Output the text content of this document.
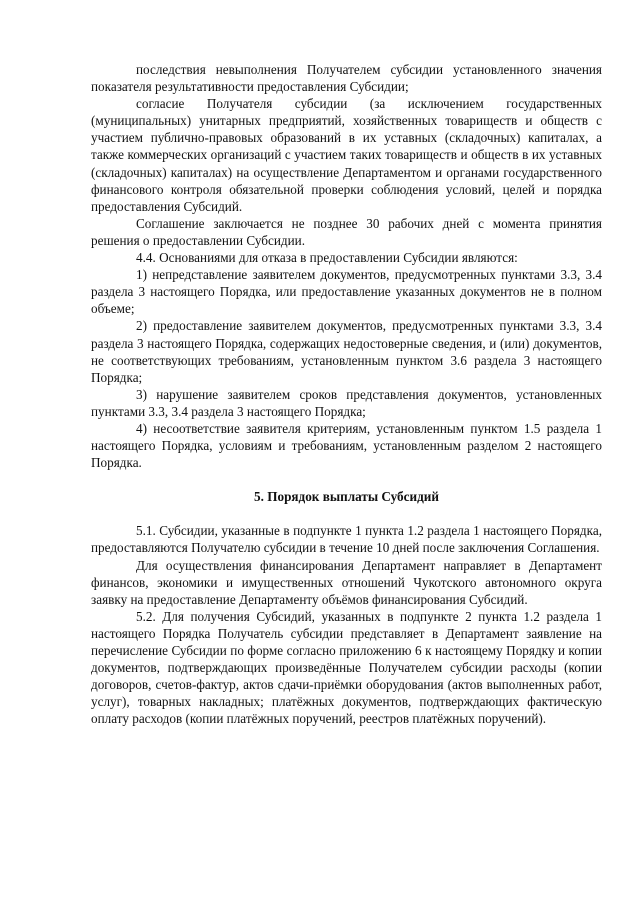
последствия невыполнения Получателем субсидии установленного значения показателя результативности предоставления Субсидии;

согласие Получателя субсидии (за исключением государственных (муниципальных) унитарных предприятий, хозяйственных товариществ и обществ с участием публично-правовых образований в их уставных (складочных) капиталах, а также коммерческих организаций с участием таких товариществ и обществ в их уставных (складочных) капиталах) на осуществление Департаментом и органами государственного финансового контроля обязательной проверки соблюдения условий, целей и порядка предоставления Субсидий.

Соглашение заключается не позднее 30 рабочих дней с момента принятия решения о предоставлении Субсидии.

4.4. Основаниями для отказа в предоставлении Субсидии являются:

1) непредставление заявителем документов, предусмотренных пунктами 3.3, 3.4 раздела 3 настоящего Порядка, или предоставление указанных документов не в полном объеме;

2) предоставление заявителем документов, предусмотренных пунктами 3.3, 3.4 раздела 3 настоящего Порядка, содержащих недостоверные сведения, и (или) документов, не соответствующих требованиям, установленным пунктом 3.6 раздела 3 настоящего Порядка;

3) нарушение заявителем сроков представления документов, установленных пунктами 3.3, 3.4 раздела 3 настоящего Порядка;

4) несоответствие заявителя критериям, установленным пунктом 1.5 раздела 1 настоящего Порядка, условиям и требованиям, установленным разделом 2 настоящего Порядка.

5. Порядок выплаты Субсидий

5.1. Субсидии, указанные в подпункте 1 пункта 1.2 раздела 1 настоящего Порядка, предоставляются Получателю субсидии в течение 10 дней после заключения Соглашения.

Для осуществления финансирования Департамент направляет в Департамент финансов, экономики и имущественных отношений Чукотского автономного округа заявку на предоставление Департаменту объёмов финансирования Субсидий.

5.2. Для получения Субсидий, указанных в подпункте 2 пункта 1.2 раздела 1 настоящего Порядка Получатель субсидии представляет в Департамент заявление на перечисление Субсидии по форме согласно приложению 6 к настоящему Порядку и копии документов, подтверждающих произведённые Получателем субсидии расходы (копии договоров, счетов-фактур, актов сдачи-приёмки оборудования (актов выполненных работ, услуг), товарных накладных; платёжных документов, подтверждающих фактическую оплату расходов (копии платёжных поручений, реестров платёжных поручений).
